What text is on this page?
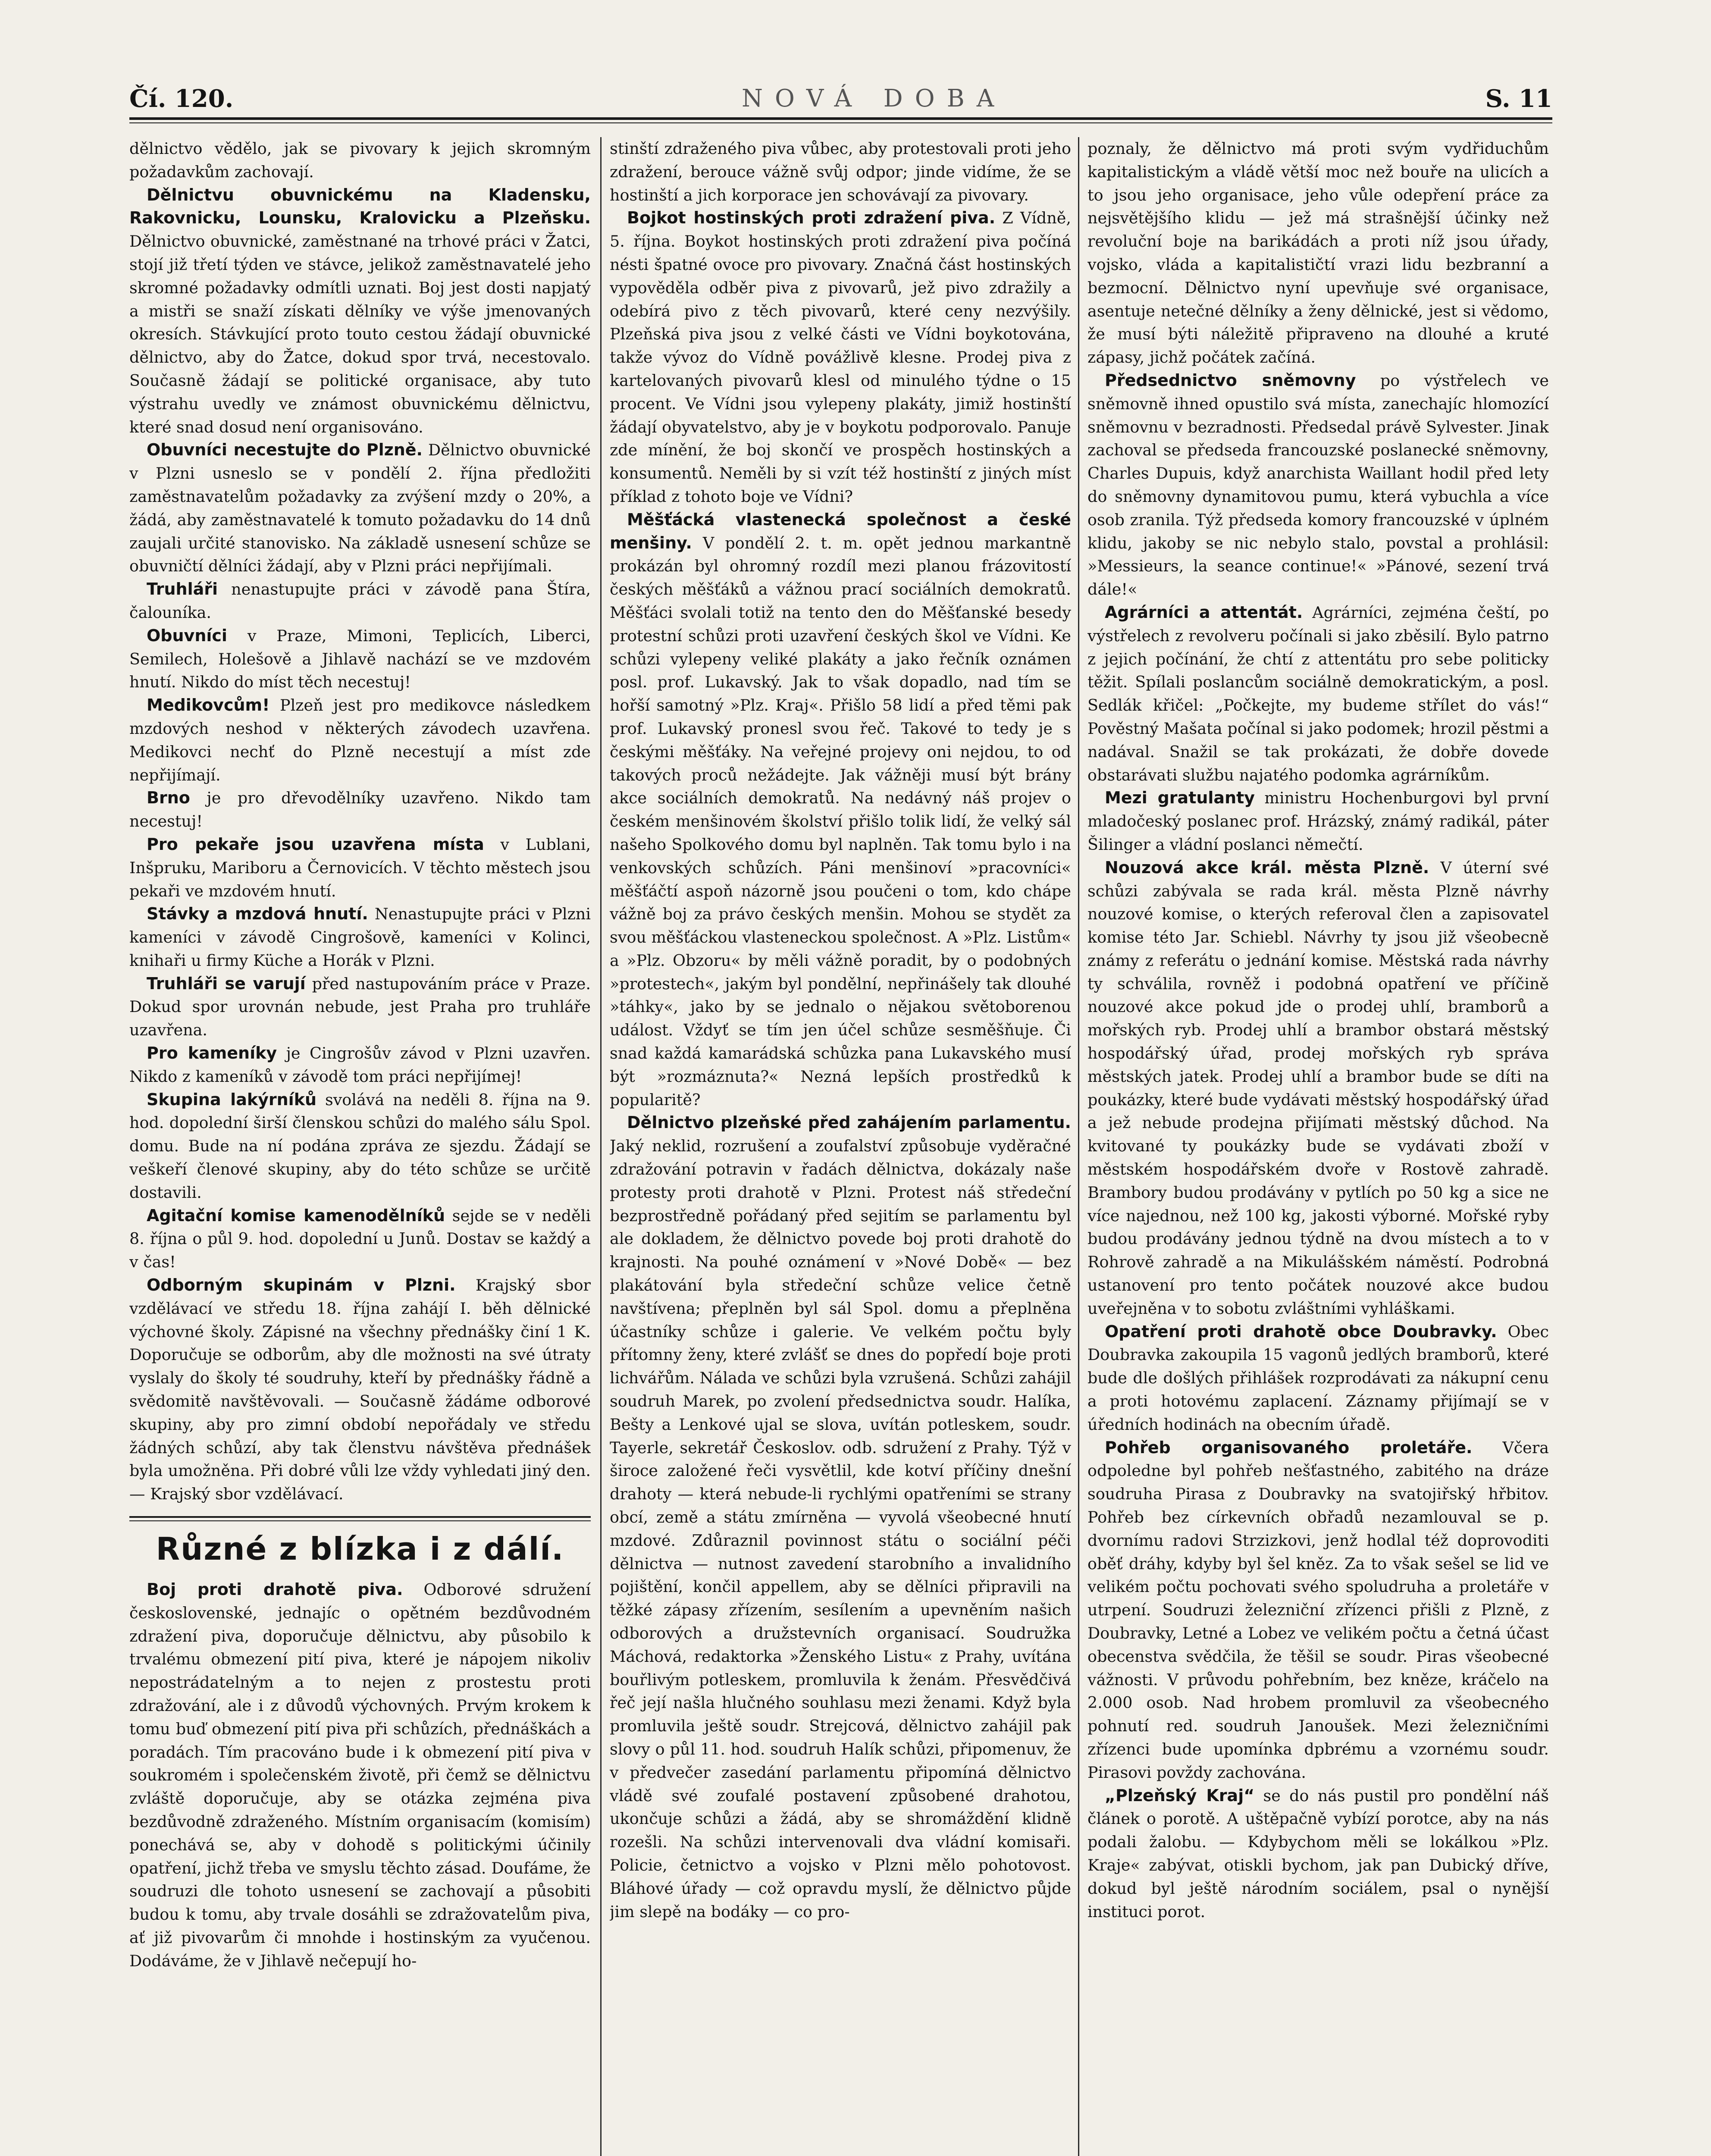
Čí. 120.	NOVÁ DOBA	S. 11

dělnictvo vědělo, jak se pivovary k jejich skromným požadavkům zachovají.

Dělnictvu obuvnickému na Kladensku, Rakovnicku, Lounsku, Kralovicku a Plzeňsku. Dělnictvo obuvnické, zaměstnané na trhové práci v Žatci, stojí již třetí týden ve stávce, jelikož zaměstnavatelé jeho skromné požadavky odmítli uznati. Boj jest dosti napjatý a mistři se snaží získati dělníky ve výše jmenovaných okresích. Stávkující proto touto cestou žádají obuvnické dělnictvo, aby do Žatce, dokud spor trvá, necestovalo. Současně žádají se politické organisace, aby tuto výstrahu uvedly ve známost obuvnickému dělnictvu, které snad dosud není organisováno.

Obuvníci necestujte do Plzně. Dělnictvo obuvnické v Plzni usneslo se v pondělí 2. října předložiti zaměstnavatelům požadavky za zvýšení mzdy o 20%, a žádá, aby zaměstnavatelé k tomuto požadavku do 14 dnů zaujali určité stanovisko. Na základě usnesení schůze se obuvničtí dělníci žádají, aby v Plzni práci nepřijímali.

Truhláři nenastupujte práci v závodě pana Štíra, čalouníka.

Obuvníci v Praze, Mimoni, Teplicích, Liberci, Semilech, Holešově a Jihlavě nachází se ve mzdovém hnutí. Nikdo do míst těch necestuj!

Medikovcům! Plzeň jest pro medikovce následkem mzdových neshod v některých závodech uzavřena. Medikovci nechť do Plzně necestují a míst zde nepřijímají.

Brno je pro dřevodělníky uzavřeno. Nikdo tam necestuj!

Pro pekaře jsou uzavřena místa v Lublani, Inšpruku, Mariboru a Černovicích. V těchto městech jsou pekaři ve mzdovém hnutí.

Stávky a mzdová hnutí. Nenastupujte práci v Plzni kameníci v závodě Cingrošově, kameníci v Kolinci, knihaři u firmy Küche a Horák v Plzni.

Truhláři se varují před nastupováním práce v Praze. Dokud spor urovnán nebude, jest Praha pro truhláře uzavřena.

Pro kameníky je Cingrošův závod v Plzni uzavřen. Nikdo z kameníků v závodě tom práci nepřijímej!

Skupina lakýrníků svolává na neděli 8. října na 9. hod. dopolední širší členskou schůzi do malého sálu Spol. domu. Bude na ní podána zpráva ze sjezdu. Žádají se veškeří členové skupiny, aby do této schůze se určitě dostavili.

Agitační komise kamenodělníků sejde se v neděli 8. října o půl 9. hod. dopolední u Junů. Dostav se každý a v čas!

Odborným skupinám v Plzni. Krajský sbor vzdělávací ve středu 18. října zahájí I. běh dělnické výchovné školy. Zápisné na všechny přednášky činí 1 K. Doporučuje se odborům, aby dle možnosti na své útraty vyslaly do školy té soudruhy, kteří by přednášky řádně a svědomitě navštěvovali. — Současně žádáme odborové skupiny, aby pro zimní období nepořádaly ve středu žádných schůzí, aby tak členstvu návštěva přednášek byla umožněna. Při dobré vůli lze vždy vyhledati jiný den. — Krajský sbor vzdělávací.

Různé z blízka i z dálí.

Boj proti drahotě piva. Odborové sdružení československé, jednajíc o opětném bezdůvodném zdražení piva, doporučuje dělnictvu, aby působilo k trvalému obmezení pití piva, které je nápojem nikoliv nepostrádatelným a to nejen z prostestu proti zdražování, ale i z důvodů výchovných. Prvým krokem k tomu buď obmezení pití piva při schůzích, přednáškách a poradách. Tím pracováno bude i k obmezení pití piva v soukromém i společenském životě, při čemž se dělnictvu zvláště doporučuje, aby se otázka zejména piva bezdůvodně zdraženého. Místním organisacím (komisím) ponechává se, aby v dohodě s politickými účinily opatření, jichž třeba ve smyslu těchto zásad. Doufáme, že soudruzi dle tohoto usnesení se zachovají a působiti budou k tomu, aby trvale dosáhli se zdražovatelům piva, ať již pivovarům či mnohde i hostinským za vyučenou. Dodáváme, že v Jihlavě nečepují ho-

stinští zdraženého piva vůbec, aby protestovali proti jeho zdražení, berouce vážně svůj odpor; jinde vidíme, že se hostinští a jich korporace jen schovávají za pivovary.

Bojkot hostinských proti zdražení piva. Z Vídně, 5. října. Boykot hostinských proti zdražení piva počíná nésti špatné ovoce pro pivovary. Značná část hostinských vypověděla odběr piva z pivovarů, jež pivo zdražily a odebírá pivo z těch pivovarů, které ceny nezvýšily. Plzeňská piva jsou z velké části ve Vídni boykotována, takže vývoz do Vídně povážlivě klesne. Prodej piva z kartelovaných pivovarů klesl od minulého týdne o 15 procent. Ve Vídni jsou vylepeny plakáty, jimiž hostinští žádají obyvatelstvo, aby je v boykotu podporovalo. Panuje zde mínění, že boj skončí ve prospěch hostinských a konsumentů. Neměli by si vzít též hostinští z jiných míst příklad z tohoto boje ve Vídni?

Měšťácká vlastenecká společnost a české menšiny. V pondělí 2. t. m. opět jednou markantně prokázán byl ohromný rozdíl mezi planou frázovitostí českých měšťáků a vážnou prací sociálních demokratů. Měšťáci svolali totiž na tento den do Měšťanské besedy protestní schůzi proti uzavření českých škol ve Vídni. Ke schůzi vylepeny veliké plakáty a jako řečník oznámen posl. prof. Lukavský. Jak to však dopadlo, nad tím se hořší samotný »Plz. Kraj«. Přišlo 58 lidí a před těmi pak prof. Lukavský pronesl svou řeč. Takové to tedy je s českými měšťáky. Na veřejné projevy oni nejdou, to od takových proců nežádejte. Jak vážněji musí být brány akce sociálních demokratů. Na nedávný náš projev o českém menšinovém školství přišlo tolik lidí, že velký sál našeho Spolkového domu byl naplněn. Tak tomu bylo i na venkovských schůzích. Páni menšinoví »pracovníci« měšťáčtí aspoň názorně jsou poučeni o tom, kdo chápe vážně boj za právo českých menšin. Mohou se stydět za svou měšťáckou vlasteneckou společnost. A »Plz. Listům« a »Plz. Obzoru« by měli vážně poradit, by o podobných »protestech«, jakým byl pondělní, nepřinášely tak dlouhé »táhky«, jako by se jednalo o nějakou světoborenou událost. Vždyť se tím jen účel schůze sesměšňuje. Či snad každá kamarádská schůzka pana Lukavského musí být »rozmáznuta?« Nezná lepších prostředků k popularitě?

Dělnictvo plzeňské před zahájením parlamentu. Jaký neklid, rozrušení a zoufalství způsobuje vyděračné zdražování potravin v řadách dělnictva, dokázaly naše protesty proti drahotě v Plzni. Protest náš středeční bezprostředně pořádaný před sejitím se parlamentu byl ale dokladem, že dělnictvo povede boj proti drahotě do krajnosti. Na pouhé oznámení v »Nové Době« — bez plakátování byla středeční schůze velice četně navštívena; přeplněn byl sál Spol. domu a přeplněna účastníky schůze i galerie. Ve velkém počtu byly přítomny ženy, které zvlášť se dnes do popředí boje proti lichvářům. Nálada ve schůzi byla vzrušená. Schůzi zahájil soudruh Marek, po zvolení předsednictva soudr. Halíka, Bešty a Lenkové ujal se slova, uvítán potleskem, soudr. Tayerle, sekretář Českoslov. odb. sdružení z Prahy. Týž v široce založené řeči vysvětlil, kde kotví příčiny dnešní drahoty — která nebude-li rychlými opatřeními se strany obcí, země a státu zmírněna — vyvolá všeobecné hnutí mzdové. Zdůraznil povinnost státu o sociální péči dělnictva — nutnost zavedení starobního a invalidního pojištění, končil appellem, aby se dělníci připravili na těžké zápasy zřízením, sesílením a upevněním našich odborových a družstevních organisací. Soudružka Máchová, redaktorka »Ženského Listu« z Prahy, uvítána bouřlivým potleskem, promluvila k ženám. Přesvědčivá řeč její našla hlučného souhlasu mezi ženami. Když byla promluvila ještě soudr. Strejcová, dělnictvo zahájil pak slovy o půl 11. hod. soudruh Halík schůzi, připomenuv, že v předvečer zasedání parlamentu připomíná dělnictvo vládě své zoufalé postavení způsobené drahotou, ukončuje schůzi a žádá, aby se shromáždění klidně rozešli. Na schůzi intervenovali dva vládní komisaři. Policie, četnictvo a vojsko v Plzni mělo pohotovost. Bláhové úřady — což opravdu myslí, že dělnictvo půjde jim slepě na bodáky — co pro-

poznaly, že dělnictvo má proti svým vydřiduchům kapitalistickým a vládě větší moc než bouře na ulicích a to jsou jeho organisace, jeho vůle odepření práce za nejsvětějšího klidu — jež má strašnější účinky než revoluční boje na barikádách a proti níž jsou úřady, vojsko, vláda a kapitalističtí vrazi lidu bezbranní a bezmocní. Dělnictvo nyní upevňuje své organisace, asentuje netečné dělníky a ženy dělnické, jest si vědomo, že musí býti náležitě připraveno na dlouhé a kruté zápasy, jichž počátek začíná.

Předsednictvo sněmovny po výstřelech ve sněmovně ihned opustilo svá místa, zanechajíc hlomozící sněmovnu v bezradnosti. Předsedal právě Sylvester. Jinak zachoval se předseda francouzské poslanecké sněmovny, Charles Dupuis, když anarchista Waillant hodil před lety do sněmovny dynamitovou pumu, která vybuchla a více osob zranila. Týž předseda komory francouzské v úplném klidu, jakoby se nic nebylo stalo, povstal a prohlásil: »Messieurs, la seance continue!« »Pánové, sezení trvá dále!«

Agrárníci a attentát. Agrárníci, zejména čeští, po výstřelech z revolveru počínali si jako zběsilí. Bylo patrno z jejich počínání, že chtí z attentátu pro sebe politicky těžit. Spílali poslancům sociálně demokratickým, a posl. Sedlák křičel: „Počkejte, my budeme střílet do vás!“ Pověstný Mašata počínal si jako podomek; hrozil pěstmi a nadával. Snažil se tak prokázati, že dobře dovede obstarávati službu najatého podomka agrárníkům.

Mezi gratulanty ministru Hochenburgovi byl první mladočeský poslanec prof. Hrázský, známý radikál, páter Šilinger a vládní poslanci němečtí.

Nouzová akce král. města Plzně. V úterní své schůzi zabývala se rada král. města Plzně návrhy nouzové komise, o kterých referoval člen a zapisovatel komise této Jar. Schiebl. Návrhy ty jsou již všeobecně známy z referátu o jednání komise. Městská rada návrhy ty schválila, rovněž i podobná opatření ve příčině nouzové akce pokud jde o prodej uhlí, bramborů a mořských ryb. Prodej uhlí a brambor obstará městský hospodářský úřad, prodej mořských ryb správa městských jatek. Prodej uhlí a brambor bude se díti na poukázky, které bude vydávati městský hospodářský úřad a jež nebude prodejna přijímati městský důchod. Na kvitované ty poukázky bude se vydávati zboží v městském hospodářském dvoře v Rostově zahradě. Brambory budou prodávány v pytlích po 50 kg a sice ne více najednou, než 100 kg, jakosti výborné. Mořské ryby budou prodávány jednou týdně na dvou místech a to v Rohrově zahradě a na Mikulášském náměstí. Podrobná ustanovení pro tento počátek nouzové akce budou uveřejněna v to sobotu zvláštními vyhláškami.

Opatření proti drahotě obce Doubravky. Obec Doubravka zakoupila 15 vagonů jedlých bramborů, které bude dle došlých přihlášek rozprodávati za nákupní cenu a proti hotovému zaplacení. Záznamy přijímají se v úředních hodinách na obecním úřadě.

Pohřeb organisovaného proletáře. Včera odpoledne byl pohřeb nešťastného, zabitého na dráze soudruha Pirasa z Doubravky na svatojiřský hřbitov. Pohřeb bez církevních obřadů nezamlouval se p. dvornímu radovi Strzizkovi, jenž hodlal též doprovoditi oběť dráhy, kdyby byl šel kněz. Za to však sešel se lid ve velikém počtu pochovati svého spoludruha a proletáře v utrpení. Soudruzi železniční zřízenci přišli z Plzně, z Doubravky, Letné a Lobez ve velikém počtu a četná účast obecenstva svědčila, že těšil se soudr. Piras všeobecné vážnosti. V průvodu pohřebním, bez kněze, kráčelo na 2.000 osob. Nad hrobem promluvil za všeobecného pohnutí red. soudruh Janoušek. Mezi železničními zřízenci bude upomínka dpbrému a vzornému soudr. Pirasovi povždy zachována.

„Plzeňský Kraj“ se do nás pustil pro pondělní náš článek o porotě. A uštěpačně vybízí porotce, aby na nás podali žalobu. — Kdybychom měli se lokálkou »Plz. Kraje« zabývat, otiskli bychom, jak pan Dubický dříve, dokud byl ještě národním sociálem, psal o nynější instituci porot.
